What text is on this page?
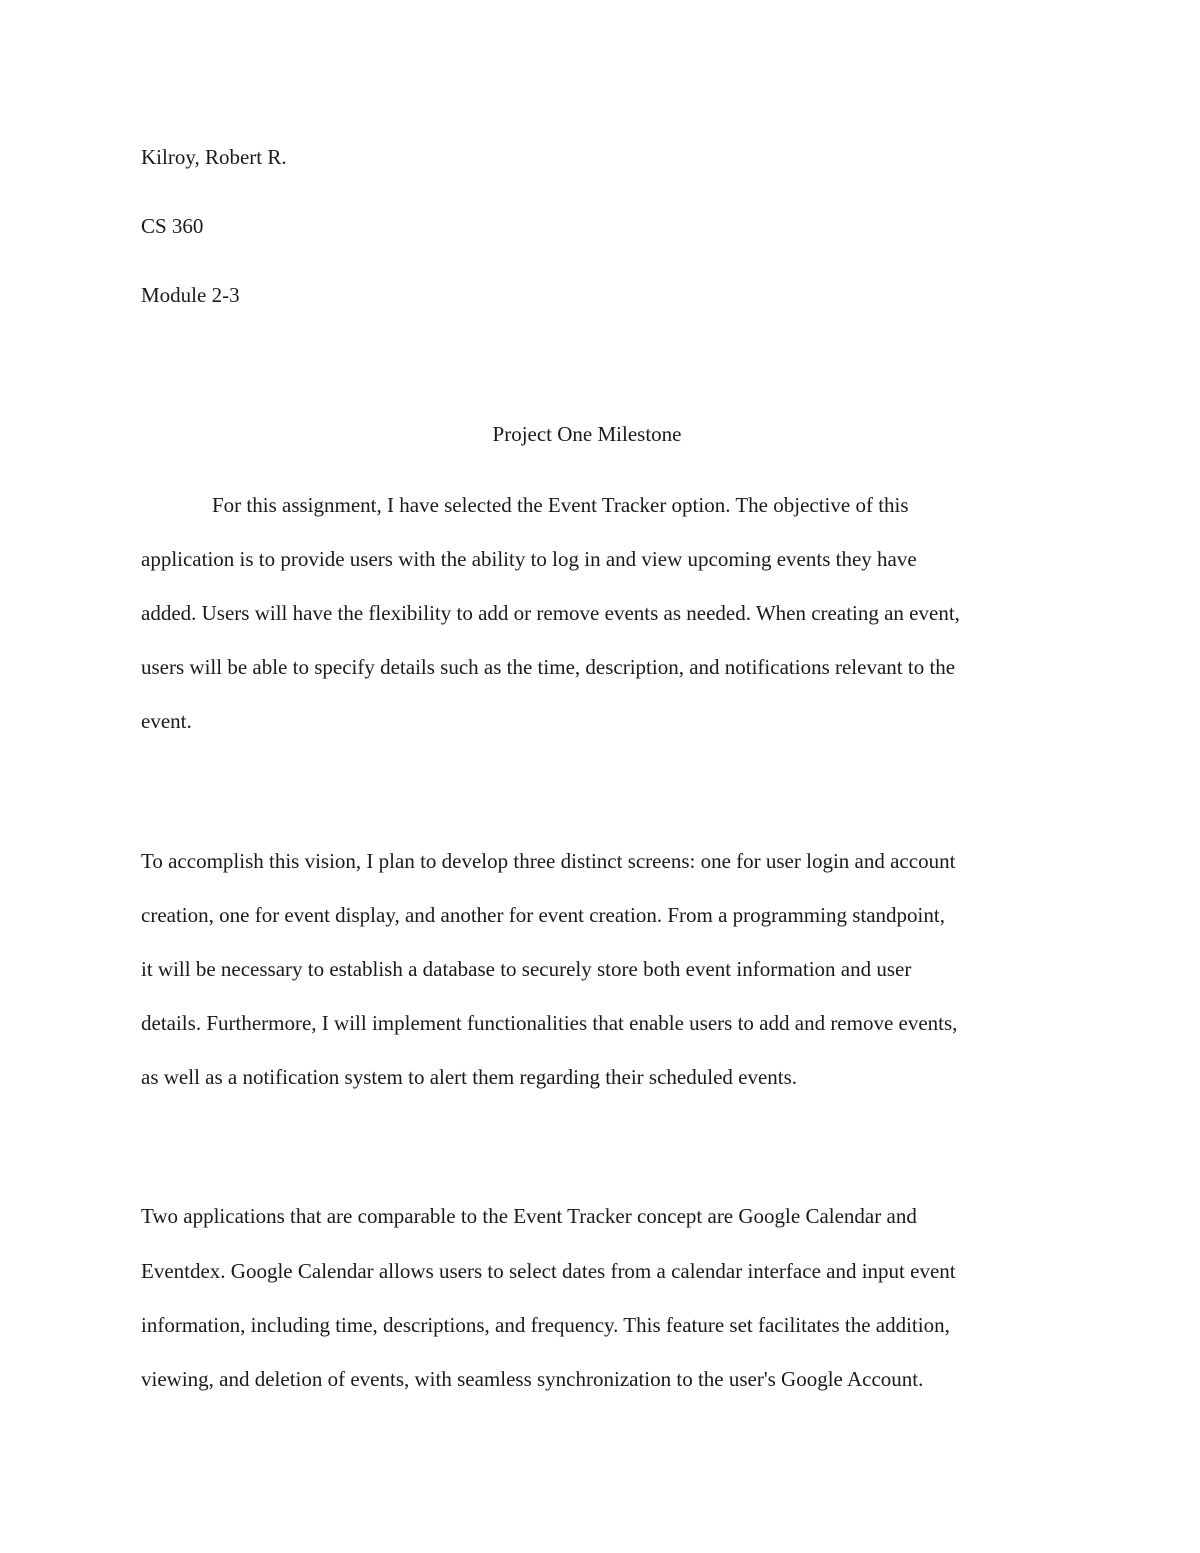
Kilroy, Robert R.
CS 360
Module 2-3
Project One Milestone
For this assignment, I have selected the Event Tracker option. The objective of this
application is to provide users with the ability to log in and view upcoming events they have
added. Users will have the flexibility to add or remove events as needed. When creating an event,
users will be able to specify details such as the time, description, and notifications relevant to the
event.
To accomplish this vision, I plan to develop three distinct screens: one for user login and account
creation, one for event display, and another for event creation. From a programming standpoint,
it will be necessary to establish a database to securely store both event information and user
details. Furthermore, I will implement functionalities that enable users to add and remove events,
as well as a notification system to alert them regarding their scheduled events.
Two applications that are comparable to the Event Tracker concept are Google Calendar and
Eventdex. Google Calendar allows users to select dates from a calendar interface and input event
information, including time, descriptions, and frequency. This feature set facilitates the addition,
viewing, and deletion of events, with seamless synchronization to the user's Google Account.
